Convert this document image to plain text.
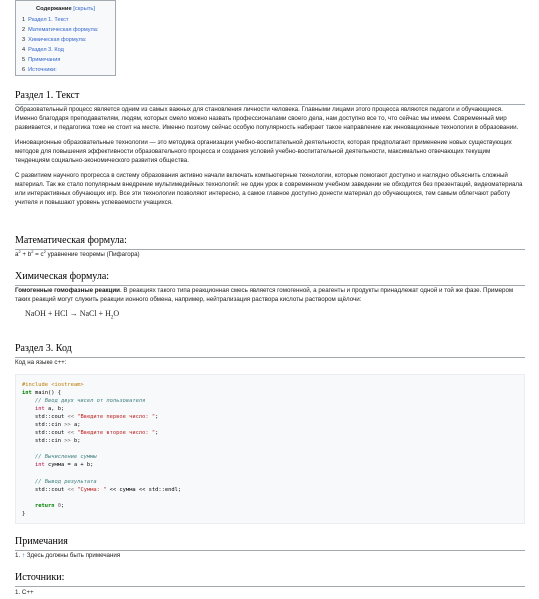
Содержание [скрыть]
1 Раздел 1. Текст
2 Математическая формула:
3 Химическая формула:
4 Раздел 3. Код
5 Примечания
6 Источники:
Раздел 1. Текст

Образовательный процесс является одним из самых важных для становления личности человека. Главными лицами этого процесса являются педагоги и обучающиеся. Именно благодаря преподавателям, людям, которых смело можно назвать профессионалами своего дела, нам доступно все то, что сейчас мы имеем. Современный мир развивается, и педагогика тоже не стоит на месте. Именно поэтому сейчас особую популярность набирает такое направление как инновационные технологии в образовании.

Инновационные образовательные технологии — это методика организации учебно-воспитательной деятельности, которая предполагает применение новых существующих методов для повышения эффективности образовательного процесса и создания условий учебно-воспитательной деятельности, максимально отвечающих текущим тенденциям социально-экономического развития общества.

С развитием научного прогресса в систему образования активно начали включать компьютерные технологии, которые помогают доступно и наглядно объяснить сложный материал. Так же стало популярным внедрение мультимедийных технологий: не один урок в современном учебном заведении не обходится без презентаций, видеоматериала или интерактивных обучающих игр. Все эти технологии позволяют интересно, а самое главное доступно донести материал до обучающихся, тем самым облегчают работу учителя и повышают уровень успеваемости учащихся.

Математическая формула:

$a^2 + b^2 = c^2$ уравнение теоремы (Пифагора)

Химическая формула:

Гомогенные гомофазные реакции. В реакциях такого типа реакционная смесь является гомогенной, а реагенты и продукты принадлежат одной и той же фазе. Примером таких реакций могут служить реакции ионного обмена, например, нейтрализация раствора кислоты раствором щёлочи:

NaOH + HCl → NaCl + $H_2O$
Раздел 3. Код

Код на языке c++:

#include <iostream>
int main() {
// Ввод двух чисел от пользователя
int a, b;
std::cout << "Введите первое число: ";
std::cin >> a;
std::cout << "Введите второе число: ";
std::cin >> b;

// Вычисление суммы
int сумма = a + b;

// Вывод результата
std::cout << "Сумма: " << сумма << std::endl;

return 0;
}
Примечания

1. ↑ Здесь должны быть примечания

Источники:

1. C++
